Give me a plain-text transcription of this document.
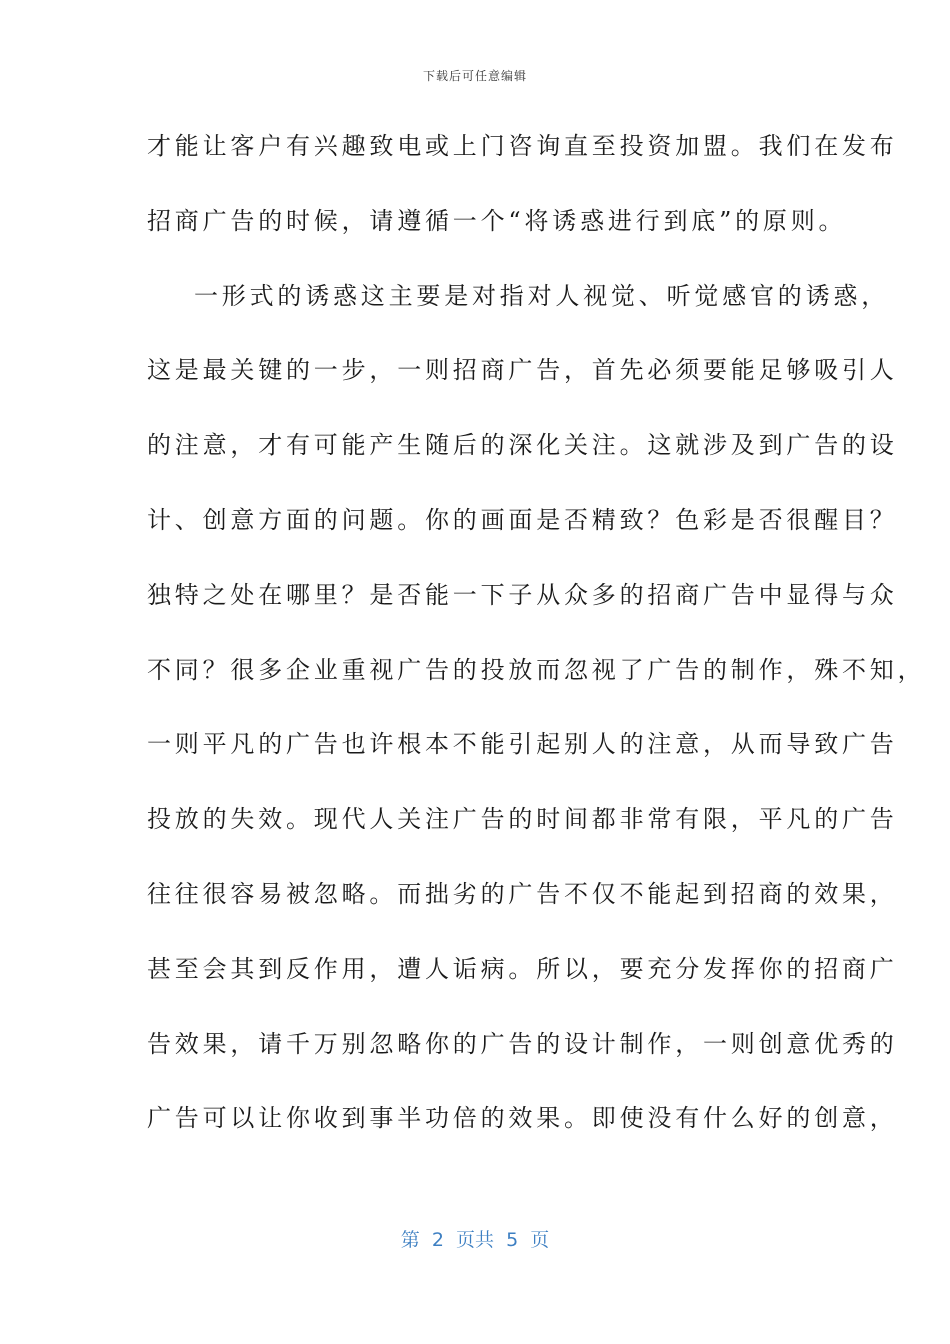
下载后可任意编辑
才能让客户有兴趣致电或上门咨询直至投资加盟。我们在发布
招商广告的时候，请遵循一个“将诱惑进行到底”的原则。
一形式的诱惑这主要是对指对人视觉、听觉感官的诱惑，
这是最关键的一步，一则招商广告，首先必须要能足够吸引人
的注意，才有可能产生随后的深化关注。这就涉及到广告的设
计、创意方面的问题。你的画面是否精致？色彩是否很醒目？
独特之处在哪里？是否能一下子从众多的招商广告中显得与众
不同？很多企业重视广告的投放而忽视了广告的制作，殊不知，
一则平凡的广告也许根本不能引起别人的注意，从而导致广告
投放的失效。现代人关注广告的时间都非常有限，平凡的广告
往往很容易被忽略。而拙劣的广告不仅不能起到招商的效果，
甚至会其到反作用，遭人诟病。所以，要充分发挥你的招商广
告效果，请千万别忽略你的广告的设计制作，一则创意优秀的
广告可以让你收到事半功倍的效果。即使没有什么好的创意，
第  2  页共  5  页
